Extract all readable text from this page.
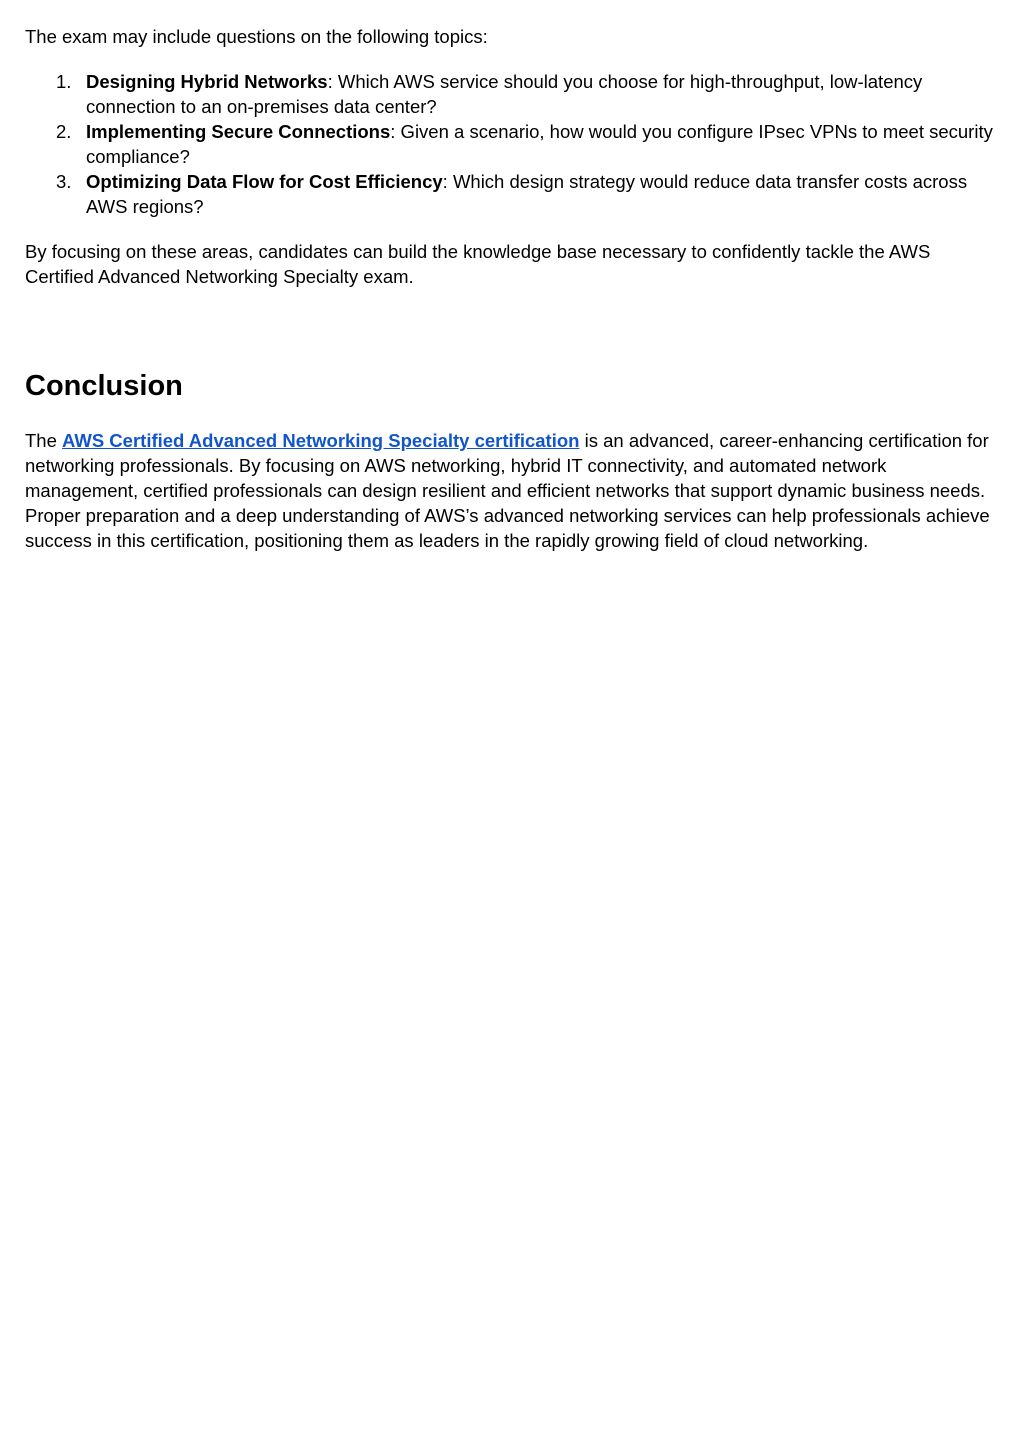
The exam may include questions on the following topics:

1. Designing Hybrid Networks: Which AWS service should you choose for high-throughput, low-latency connection to an on-premises data center?
2. Implementing Secure Connections: Given a scenario, how would you configure IPsec VPNs to meet security compliance?
3. Optimizing Data Flow for Cost Efficiency: Which design strategy would reduce data transfer costs across AWS regions?

By focusing on these areas, candidates can build the knowledge base necessary to confidently tackle the AWS Certified Advanced Networking Specialty exam.

Conclusion

The AWS Certified Advanced Networking Specialty certification is an advanced, career-enhancing certification for networking professionals. By focusing on AWS networking, hybrid IT connectivity, and automated network management, certified professionals can design resilient and efficient networks that support dynamic business needs. Proper preparation and a deep understanding of AWS’s advanced networking services can help professionals achieve success in this certification, positioning them as leaders in the rapidly growing field of cloud networking.
